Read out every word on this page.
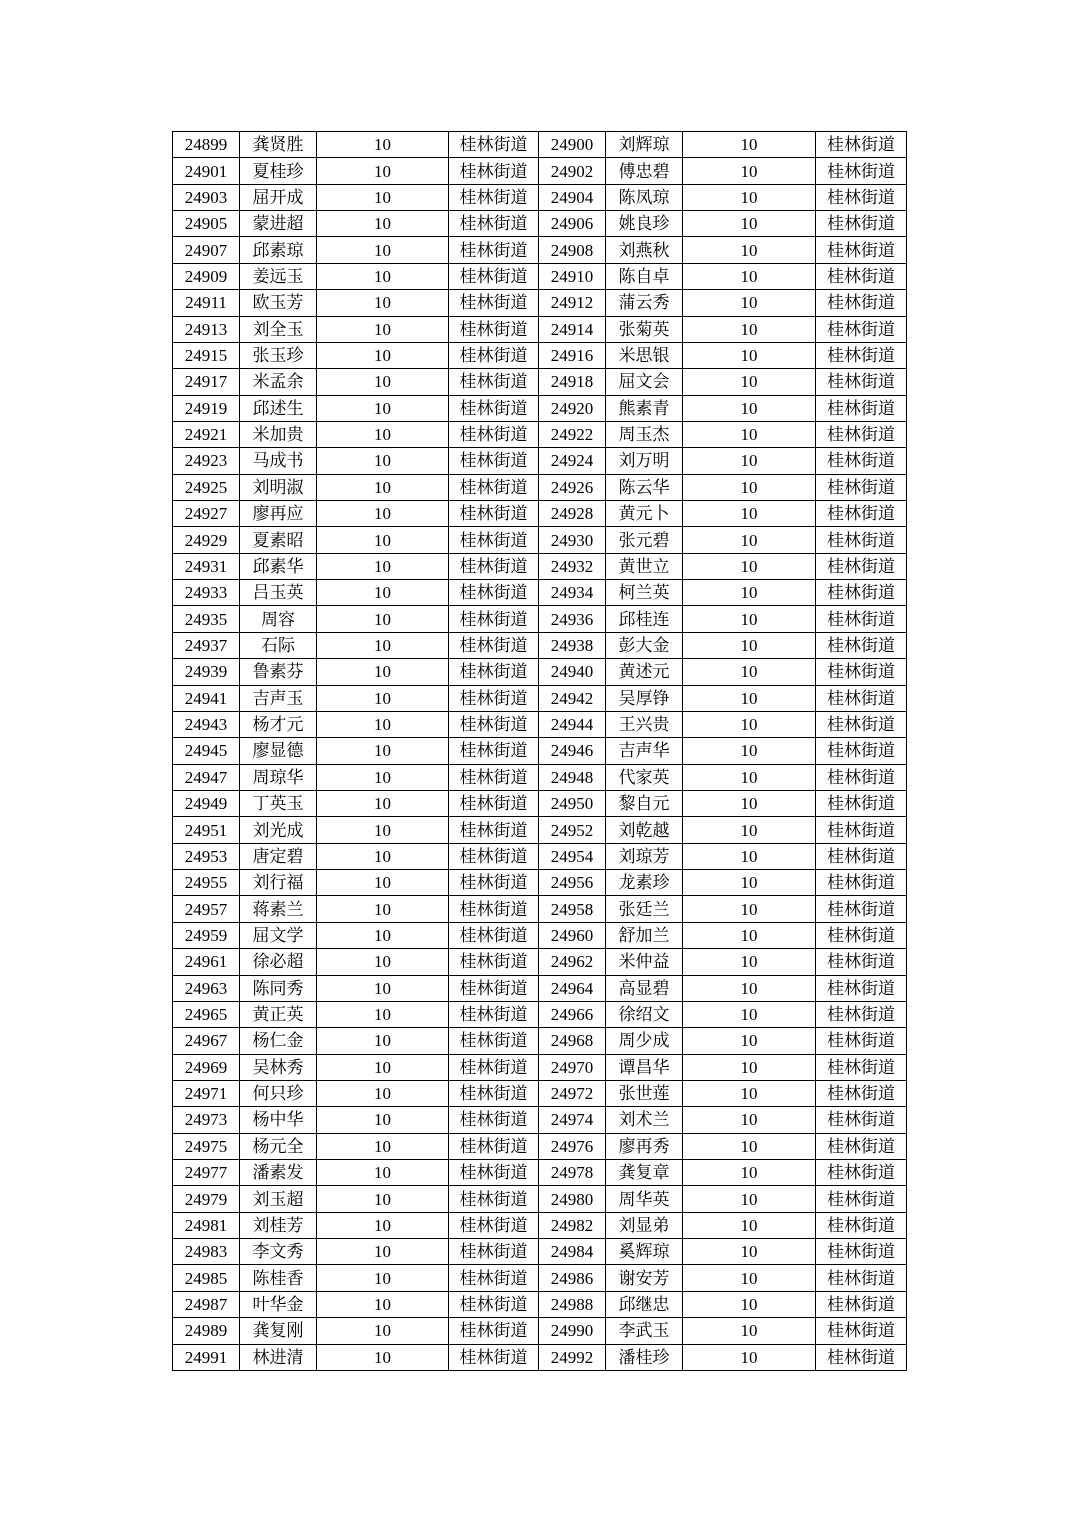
24899	龚贤胜	10	桂林街道	24900	刘辉琼	10	桂林街道
24901	夏桂珍	10	桂林街道	24902	傅忠碧	10	桂林街道
24903	屈开成	10	桂林街道	24904	陈凤琼	10	桂林街道
24905	蒙进超	10	桂林街道	24906	姚良珍	10	桂林街道
24907	邱素琼	10	桂林街道	24908	刘燕秋	10	桂林街道
24909	姜远玉	10	桂林街道	24910	陈自卓	10	桂林街道
24911	欧玉芳	10	桂林街道	24912	蒲云秀	10	桂林街道
24913	刘全玉	10	桂林街道	24914	张菊英	10	桂林街道
24915	张玉珍	10	桂林街道	24916	米思银	10	桂林街道
24917	米孟余	10	桂林街道	24918	屈文会	10	桂林街道
24919	邱述生	10	桂林街道	24920	熊素青	10	桂林街道
24921	米加贵	10	桂林街道	24922	周玉杰	10	桂林街道
24923	马成书	10	桂林街道	24924	刘万明	10	桂林街道
24925	刘明淑	10	桂林街道	24926	陈云华	10	桂林街道
24927	廖再应	10	桂林街道	24928	黄元卜	10	桂林街道
24929	夏素昭	10	桂林街道	24930	张元碧	10	桂林街道
24931	邱素华	10	桂林街道	24932	黄世立	10	桂林街道
24933	吕玉英	10	桂林街道	24934	柯兰英	10	桂林街道
24935	周容	10	桂林街道	24936	邱桂连	10	桂林街道
24937	石际	10	桂林街道	24938	彭大金	10	桂林街道
24939	鲁素芬	10	桂林街道	24940	黄述元	10	桂林街道
24941	吉声玉	10	桂林街道	24942	吴厚铮	10	桂林街道
24943	杨才元	10	桂林街道	24944	王兴贵	10	桂林街道
24945	廖显德	10	桂林街道	24946	吉声华	10	桂林街道
24947	周琼华	10	桂林街道	24948	代家英	10	桂林街道
24949	丁英玉	10	桂林街道	24950	黎自元	10	桂林街道
24951	刘光成	10	桂林街道	24952	刘乾越	10	桂林街道
24953	唐定碧	10	桂林街道	24954	刘琼芳	10	桂林街道
24955	刘行福	10	桂林街道	24956	龙素珍	10	桂林街道
24957	蒋素兰	10	桂林街道	24958	张廷兰	10	桂林街道
24959	屈文学	10	桂林街道	24960	舒加兰	10	桂林街道
24961	徐必超	10	桂林街道	24962	米仲益	10	桂林街道
24963	陈同秀	10	桂林街道	24964	高显碧	10	桂林街道
24965	黄正英	10	桂林街道	24966	徐绍文	10	桂林街道
24967	杨仁金	10	桂林街道	24968	周少成	10	桂林街道
24969	吴林秀	10	桂林街道	24970	谭昌华	10	桂林街道
24971	何只珍	10	桂林街道	24972	张世莲	10	桂林街道
24973	杨中华	10	桂林街道	24974	刘术兰	10	桂林街道
24975	杨元全	10	桂林街道	24976	廖再秀	10	桂林街道
24977	潘素发	10	桂林街道	24978	龚复章	10	桂林街道
24979	刘玉超	10	桂林街道	24980	周华英	10	桂林街道
24981	刘桂芳	10	桂林街道	24982	刘显弟	10	桂林街道
24983	李文秀	10	桂林街道	24984	奚辉琼	10	桂林街道
24985	陈桂香	10	桂林街道	24986	谢安芳	10	桂林街道
24987	叶华金	10	桂林街道	24988	邱继忠	10	桂林街道
24989	龚复刚	10	桂林街道	24990	李武玉	10	桂林街道
24991	林进清	10	桂林街道	24992	潘桂珍	10	桂林街道
